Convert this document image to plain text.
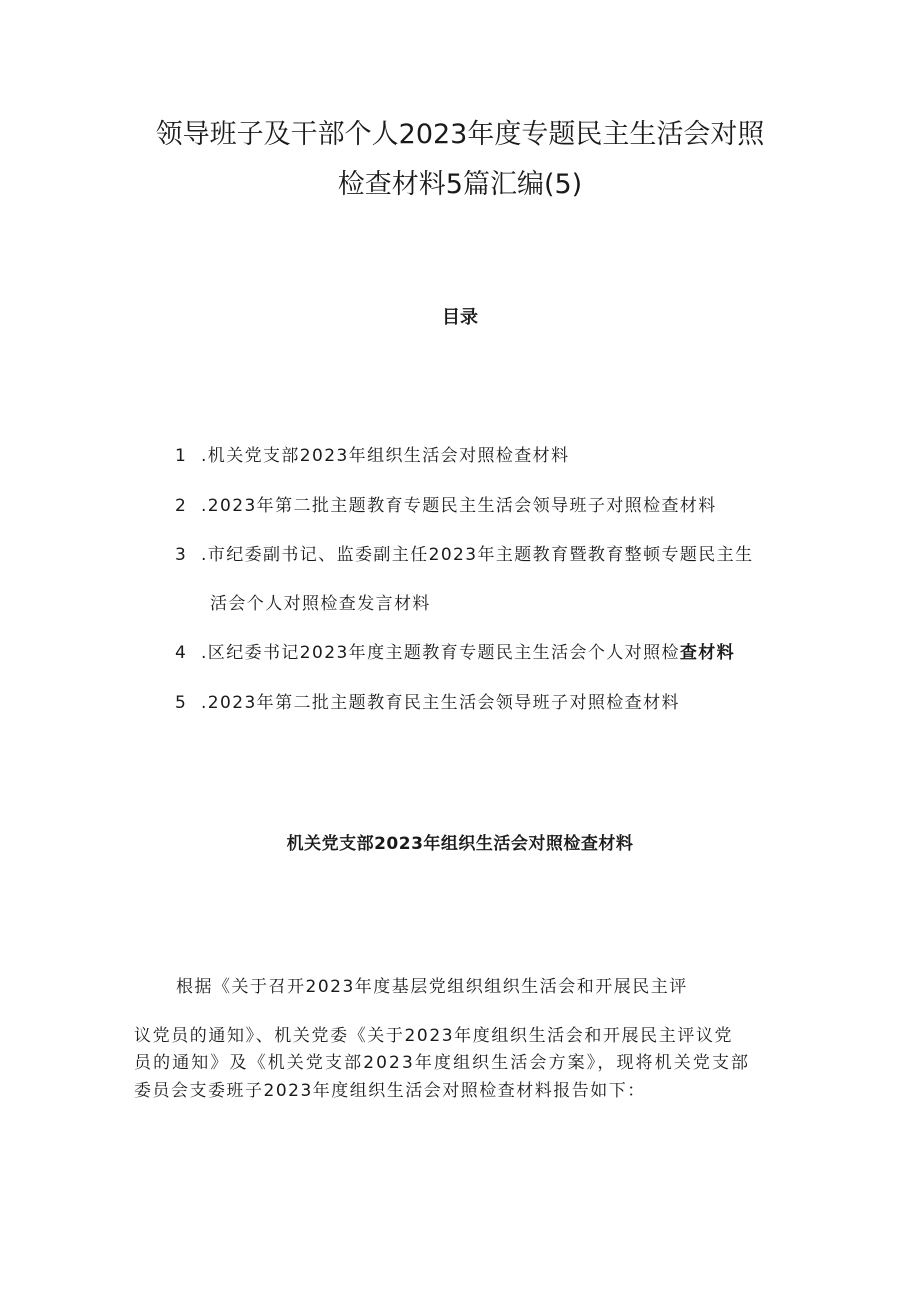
领导班子及干部个人2023年度专题民主生活会对照
检查材料5篇汇编(5)
目录
1 .机关党支部2023年组织生活会对照检查材料
2 .2023年第二批主题教育专题民主生活会领导班子对照检查材料
3 .市纪委副书记、监委副主任2023年主题教育暨教育整顿专题民主生
活会个人对照检查发言材料
4 .区纪委书记2023年度主题教育专题民主生活会个人对照检查材料
5 .2023年第二批主题教育民主生活会领导班子对照检查材料
机关党支部2023年组织生活会对照检查材料
根据《关于召开2023年度基层党组织组织生活会和开展民主评
议党员的通知》、机关党委《关于2023年度组织生活会和开展民主评议党
员的通知》及《机关党支部2023年度组织生活会方案》，现将机关党支部
委员会支委班子2023年度组织生活会对照检查材料报告如下：
